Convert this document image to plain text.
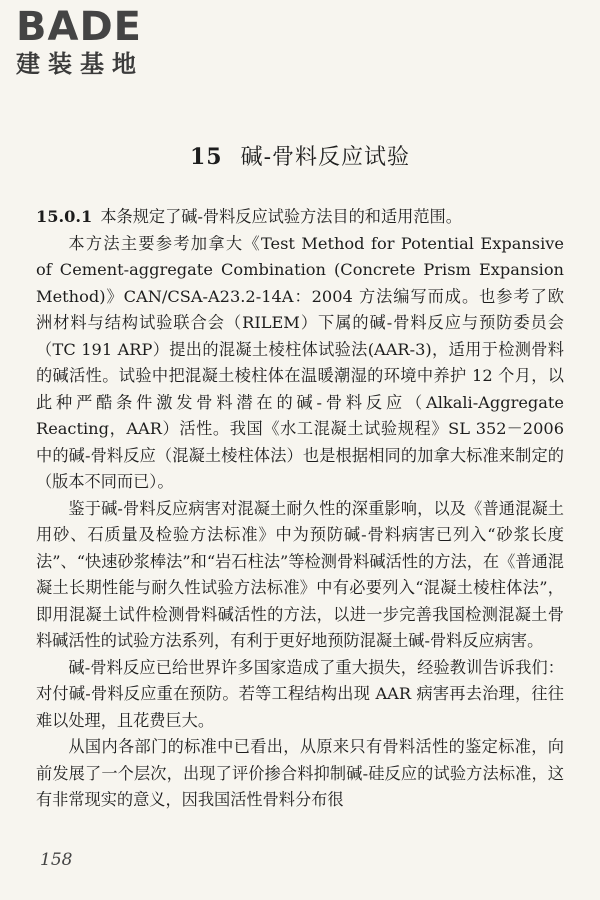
BADE
建装基地
15 碱-骨料反应试验

15.0.1 本条规定了碱-骨料反应试验方法目的和适用范围。

本方法主要参考加拿大《Test Method for Potential Expansive of Cement-aggregate Combination (Concrete Prism Expansion Method)》CAN/CSA-A23.2-14A：2004 方法编写而成。也参考了欧洲材料与结构试验联合会（RILEM）下属的碱-骨料反应与预防委员会（TC 191 ARP）提出的混凝土棱柱体试验法(AAR-3)，适用于检测骨料的碱活性。试验中把混凝土棱柱体在温暖潮湿的环境中养护 12 个月，以此种严酷条件激发骨料潜在的碱-骨料反应（Alkali-Aggregate Reacting，AAR）活性。我国《水工混凝土试验规程》SL 352－2006 中的碱-骨料反应（混凝土棱柱体法）也是根据相同的加拿大标准来制定的（版本不同而已）。

鉴于碱-骨料反应病害对混凝土耐久性的深重影响，以及《普通混凝土用砂、石质量及检验方法标准》中为预防碱-骨料病害已列入“砂浆长度法”、“快速砂浆棒法”和“岩石柱法”等检测骨料碱活性的方法，在《普通混凝土长期性能与耐久性试验方法标准》中有必要列入“混凝土棱柱体法”，即用混凝土试件检测骨料碱活性的方法，以进一步完善我国检测混凝土骨料碱活性的试验方法系列，有利于更好地预防混凝土碱-骨料反应病害。

碱-骨料反应已给世界许多国家造成了重大损失，经验教训告诉我们：对付碱-骨料反应重在预防。若等工程结构出现 AAR 病害再去治理，往往难以处理，且花费巨大。

从国内各部门的标准中已看出，从原来只有骨料活性的鉴定标准，向前发展了一个层次，出现了评价掺合料抑制碱-硅反应的试验方法标准，这有非常现实的意义，因我国活性骨料分布很

158
